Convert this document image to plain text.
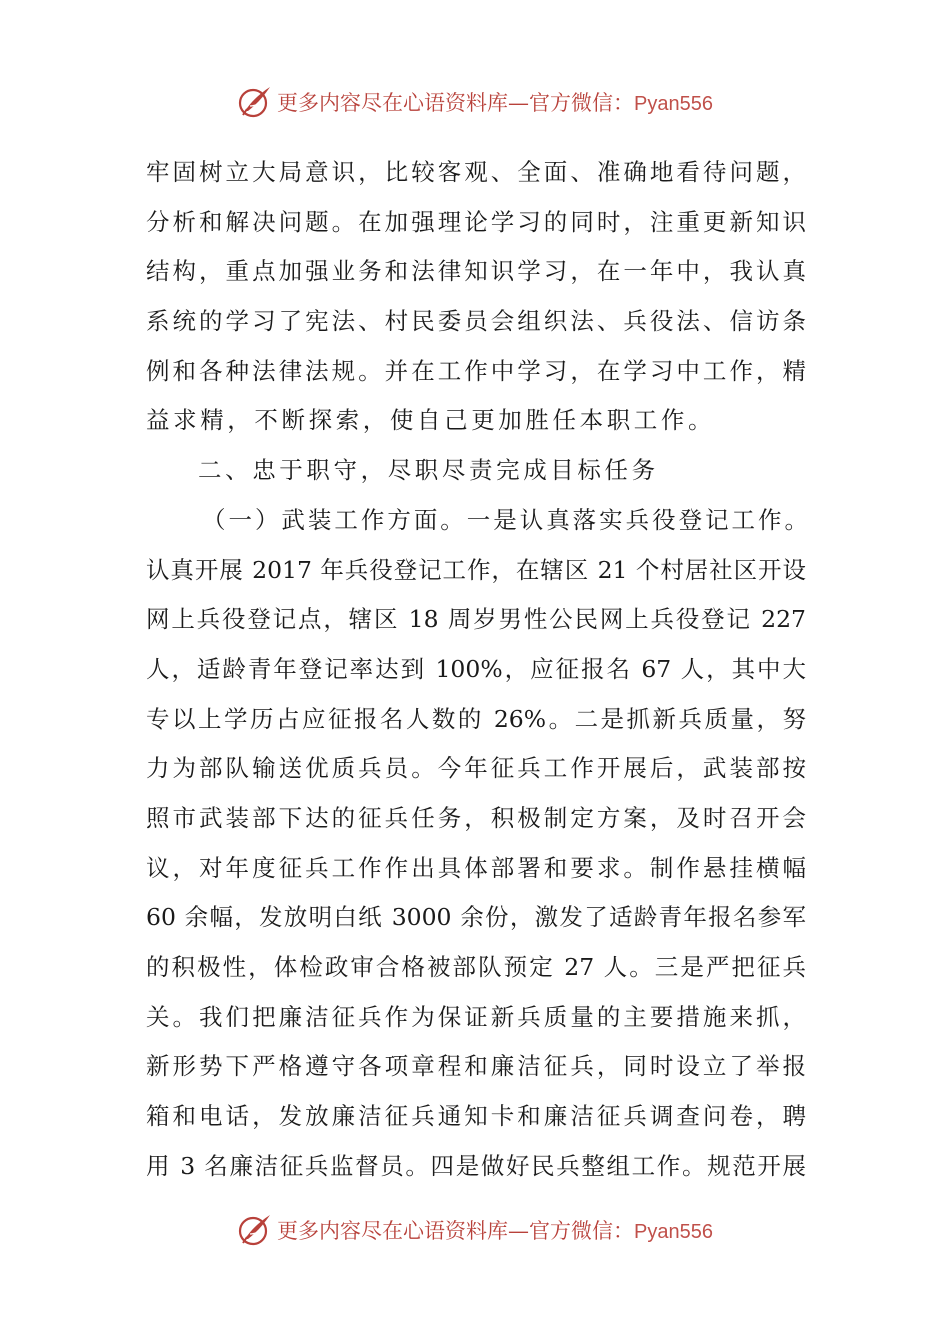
更多内容尽在心语资料库—官方微信：Pyan556
牢固树立大局意识，比较客观、全面、准确地看待问题，
分析和解决问题。在加强理论学习的同时，注重更新知识
结构，重点加强业务和法律知识学习，在一年中，我认真
系统的学习了宪法、村民委员会组织法、兵役法、信访条
例和各种法律法规。并在工作中学习，在学习中工作，精
益求精，不断探索，使自己更加胜任本职工作。
二、忠于职守，尽职尽责完成目标任务
（一）武装工作方面。一是认真落实兵役登记工作。
认真开展 2017 年兵役登记工作，在辖区 21 个村居社区开设
网上兵役登记点，辖区 18 周岁男性公民网上兵役登记 227
人，适龄青年登记率达到 100%，应征报名 67 人，其中大
专以上学历占应征报名人数的 26%。二是抓新兵质量，努
力为部队输送优质兵员。今年征兵工作开展后，武装部按
照市武装部下达的征兵任务，积极制定方案，及时召开会
议，对年度征兵工作作出具体部署和要求。制作悬挂横幅
60 余幅，发放明白纸 3000 余份，激发了适龄青年报名参军
的积极性，体检政审合格被部队预定 27 人。三是严把征兵
关。我们把廉洁征兵作为保证新兵质量的主要措施来抓，
新形势下严格遵守各项章程和廉洁征兵，同时设立了举报
箱和电话，发放廉洁征兵通知卡和廉洁征兵调查问卷，聘
用 3 名廉洁征兵监督员。四是做好民兵整组工作。规范开展
更多内容尽在心语资料库—官方微信：Pyan556
